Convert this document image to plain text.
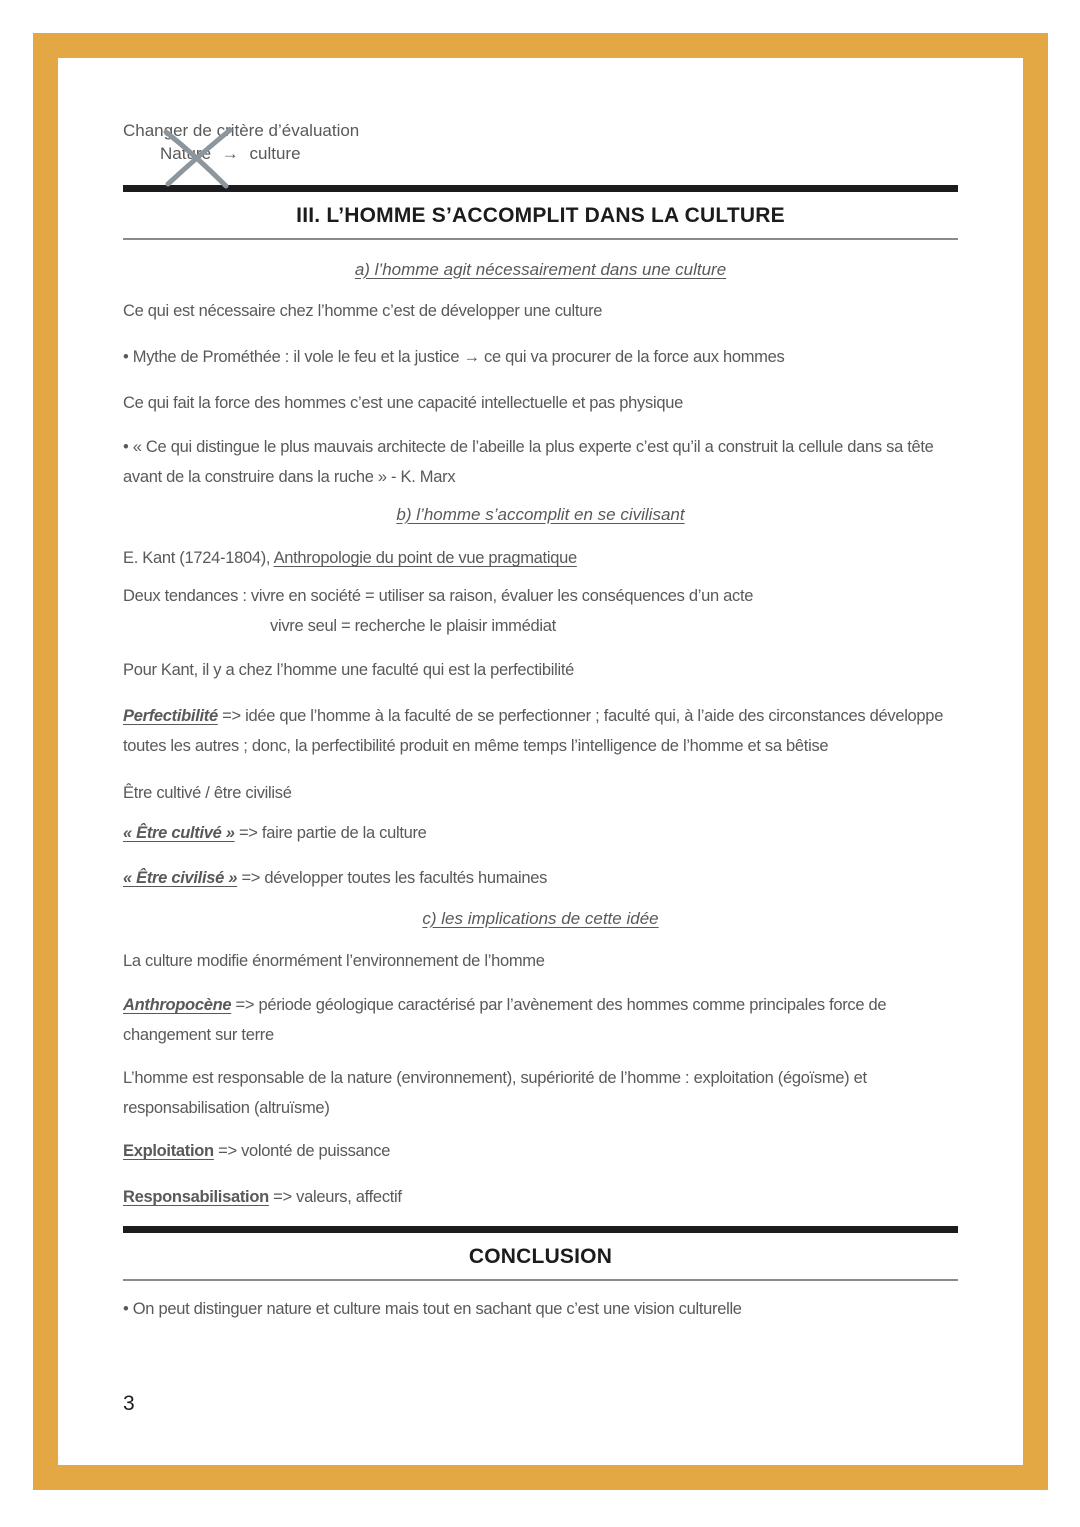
Changer de critère d’évaluation

Nature → culture

III. L’HOMME S’ACCOMPLIT DANS LA CULTURE
a) l’homme agit nécessairement dans une culture

Ce qui est nécessaire chez l’homme c’est de développer une culture

• Mythe de Prométhée : il vole le feu et la justice → ce qui va procurer de la force aux hommes

Ce qui fait la force des hommes c’est une capacité intellectuelle et pas physique

• « Ce qui distingue le plus mauvais architecte de l’abeille la plus experte c’est qu’il a construit la cellule dans sa tête avant de la construire dans la ruche » - K. Marx

b) l’homme s’accomplit en se civilisant

E. Kant (1724-1804), Anthropologie du point de vue pragmatique

Deux tendances : vivre en société = utiliser sa raison, évaluer les conséquences d’un acte
vivre seul = recherche le plaisir immédiat

Pour Kant, il y a chez l’homme une faculté qui est la perfectibilité

Perfectibilité => idée que l’homme à la faculté de se perfectionner ; faculté qui, à l’aide des circonstances développe toutes les autres ; donc, la perfectibilité produit en même temps l’intelligence de l’homme et sa bêtise

Être cultivé / être civilisé

« Être cultivé » => faire partie de la culture

« Être civilisé » => développer toutes les facultés humaines

c) les implications de cette idée

La culture modifie énormément l’environnement de l’homme

Anthropocène => période géologique caractérisé par l’avènement des hommes comme principales force de changement sur terre

L’homme est responsable de la nature (environnement), supériorité de l’homme : exploitation (égoïsme) et responsabilisation (altruïsme)

Exploitation => volonté de puissance

Responsabilisation => valeurs, affectif

CONCLUSION

• On peut distinguer nature et culture mais tout en sachant que c’est une vision culturelle

3
